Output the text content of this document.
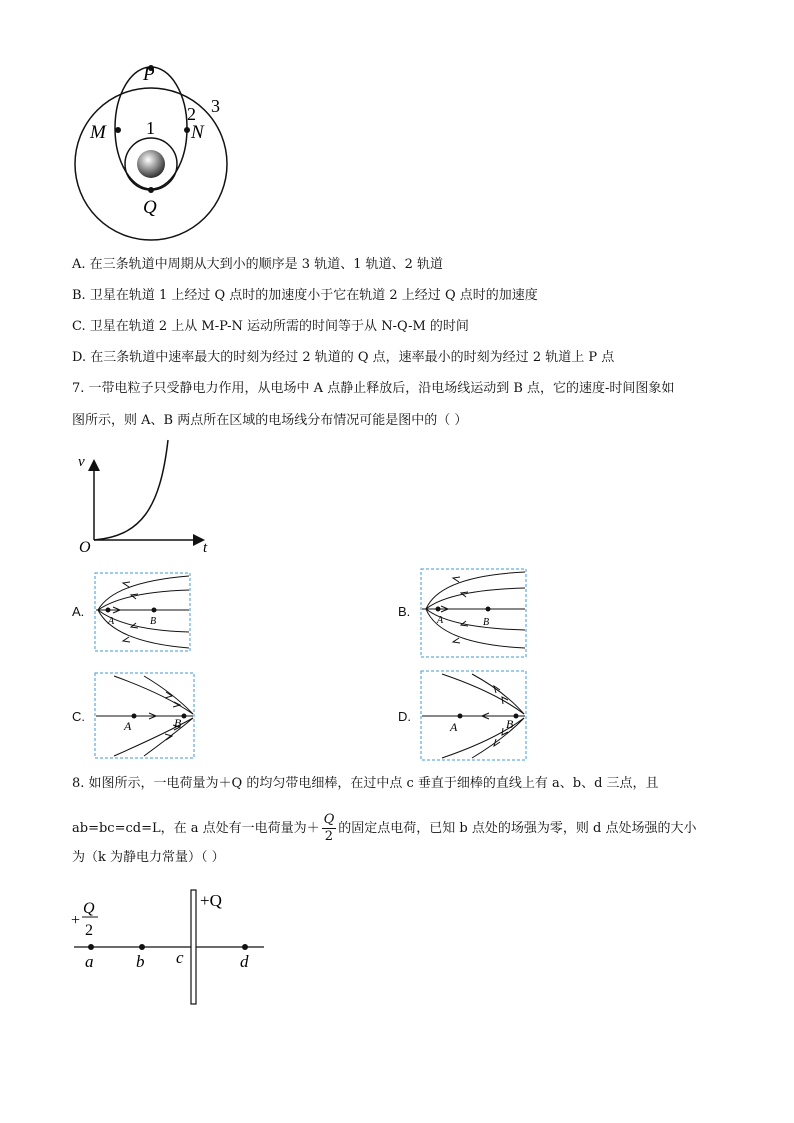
P
Q
M	N
1
2 3
A. 在三条轨道中周期从大到小的顺序是 3 轨道、1 轨道、2 轨道
B. 卫星在轨道 1 上经过 Q 点时的加速度小于它在轨道 2 上经过 Q 点时的加速度
C. 卫星在轨道 2 上从 M-P-N 运动所需的时间等于从 N-Q-M 的时间
D. 在三条轨道中速率最大的时刻为经过 2 轨道的 Q 点，速率最小的时刻为经过 2 轨道上 P 点
7. 一带电粒子只受静电力作用，从电场中 A 点静止释放后，沿电场线运动到 B 点，它的速度-时间图象如
图所示，则 A、B 两点所在区域的电场线分布情况可能是图中的（ ）
v
t
O
A.
A	B
B.
A	B
C.
A	B	D.
A	B
8. 如图所示，一电荷量为＋Q 的均匀带电细棒，在过中点 c 垂直于细棒的直线上有 a、b、d 三点，且
ab=bc=cd=L，在 a 点处有一电荷量为＋ $\frac{Q}{2}$ 的固定点电荷，已知 b 点处的场强为零，则 d 点处场强的大小
为（k 为静电力常量）（ ）
+Q
+
Q
2
a	b c	d
